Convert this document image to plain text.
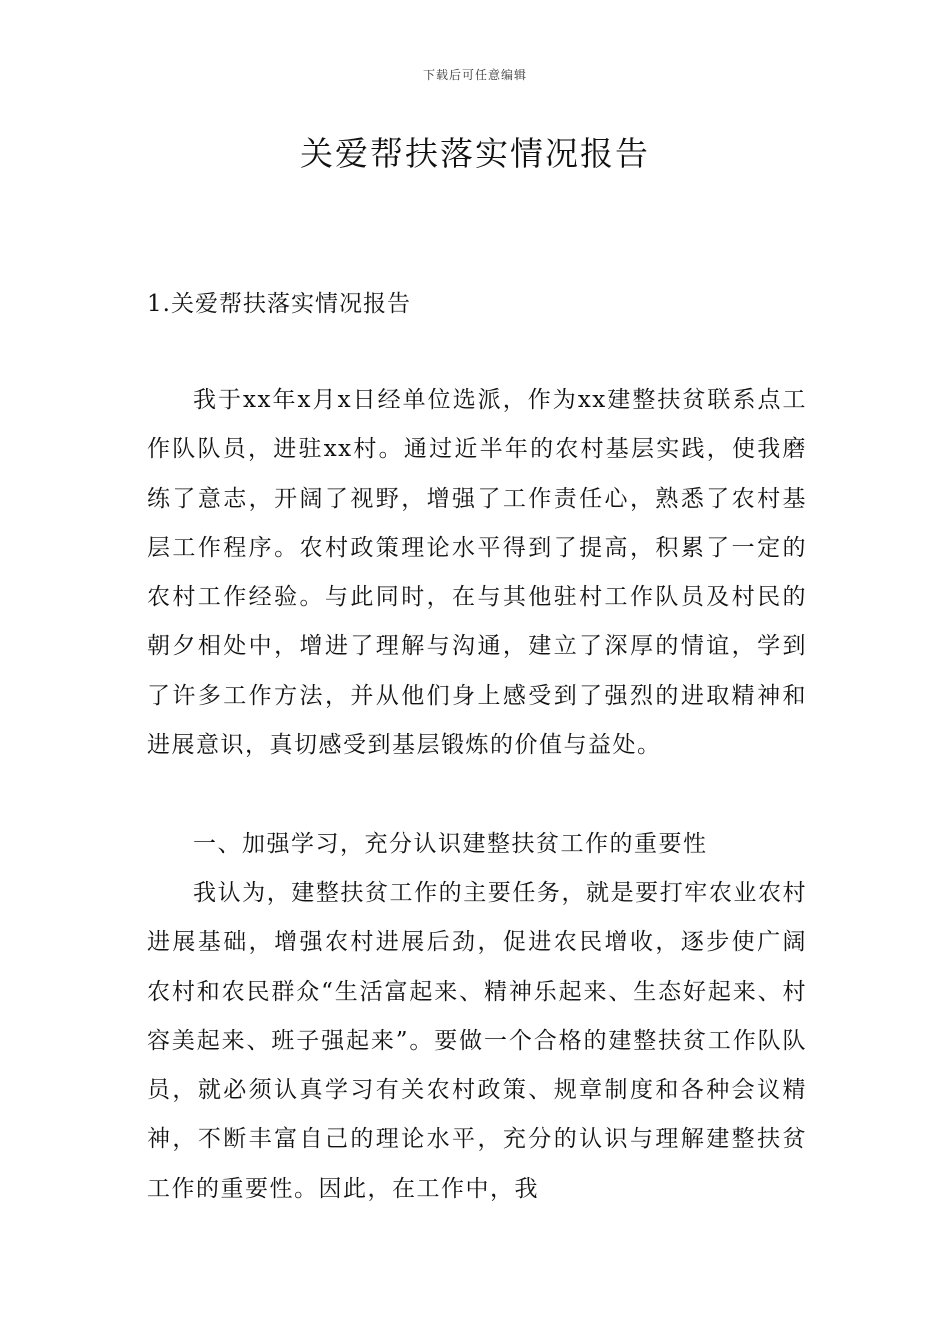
下载后可任意编辑
关爱帮扶落实情况报告
1.关爱帮扶落实情况报告

我于xx年x月x日经单位选派，作为xx建整扶贫联系点工作队队员，进驻xx村。通过近半年的农村基层实践，使我磨练了意志，开阔了视野，增强了工作责任心，熟悉了农村基层工作程序。农村政策理论水平得到了提高，积累了一定的农村工作经验。与此同时，在与其他驻村工作队员及村民的朝夕相处中，增进了理解与沟通，建立了深厚的情谊，学到了许多工作方法，并从他们身上感受到了强烈的进取精神和进展意识，真切感受到基层锻炼的价值与益处。

一、加强学习，充分认识建整扶贫工作的重要性

我认为，建整扶贫工作的主要任务，就是要打牢农业农村进展基础，增强农村进展后劲，促进农民增收，逐步使广阔农村和农民群众“生活富起来、精神乐起来、生态好起来、村容美起来、班子强起来”。要做一个合格的建整扶贫工作队队员，就必须认真学习有关农村政策、规章制度和各种会议精神，不断丰富自己的理论水平，充分的认识与理解建整扶贫工作的重要性。因此，在工作中，我
